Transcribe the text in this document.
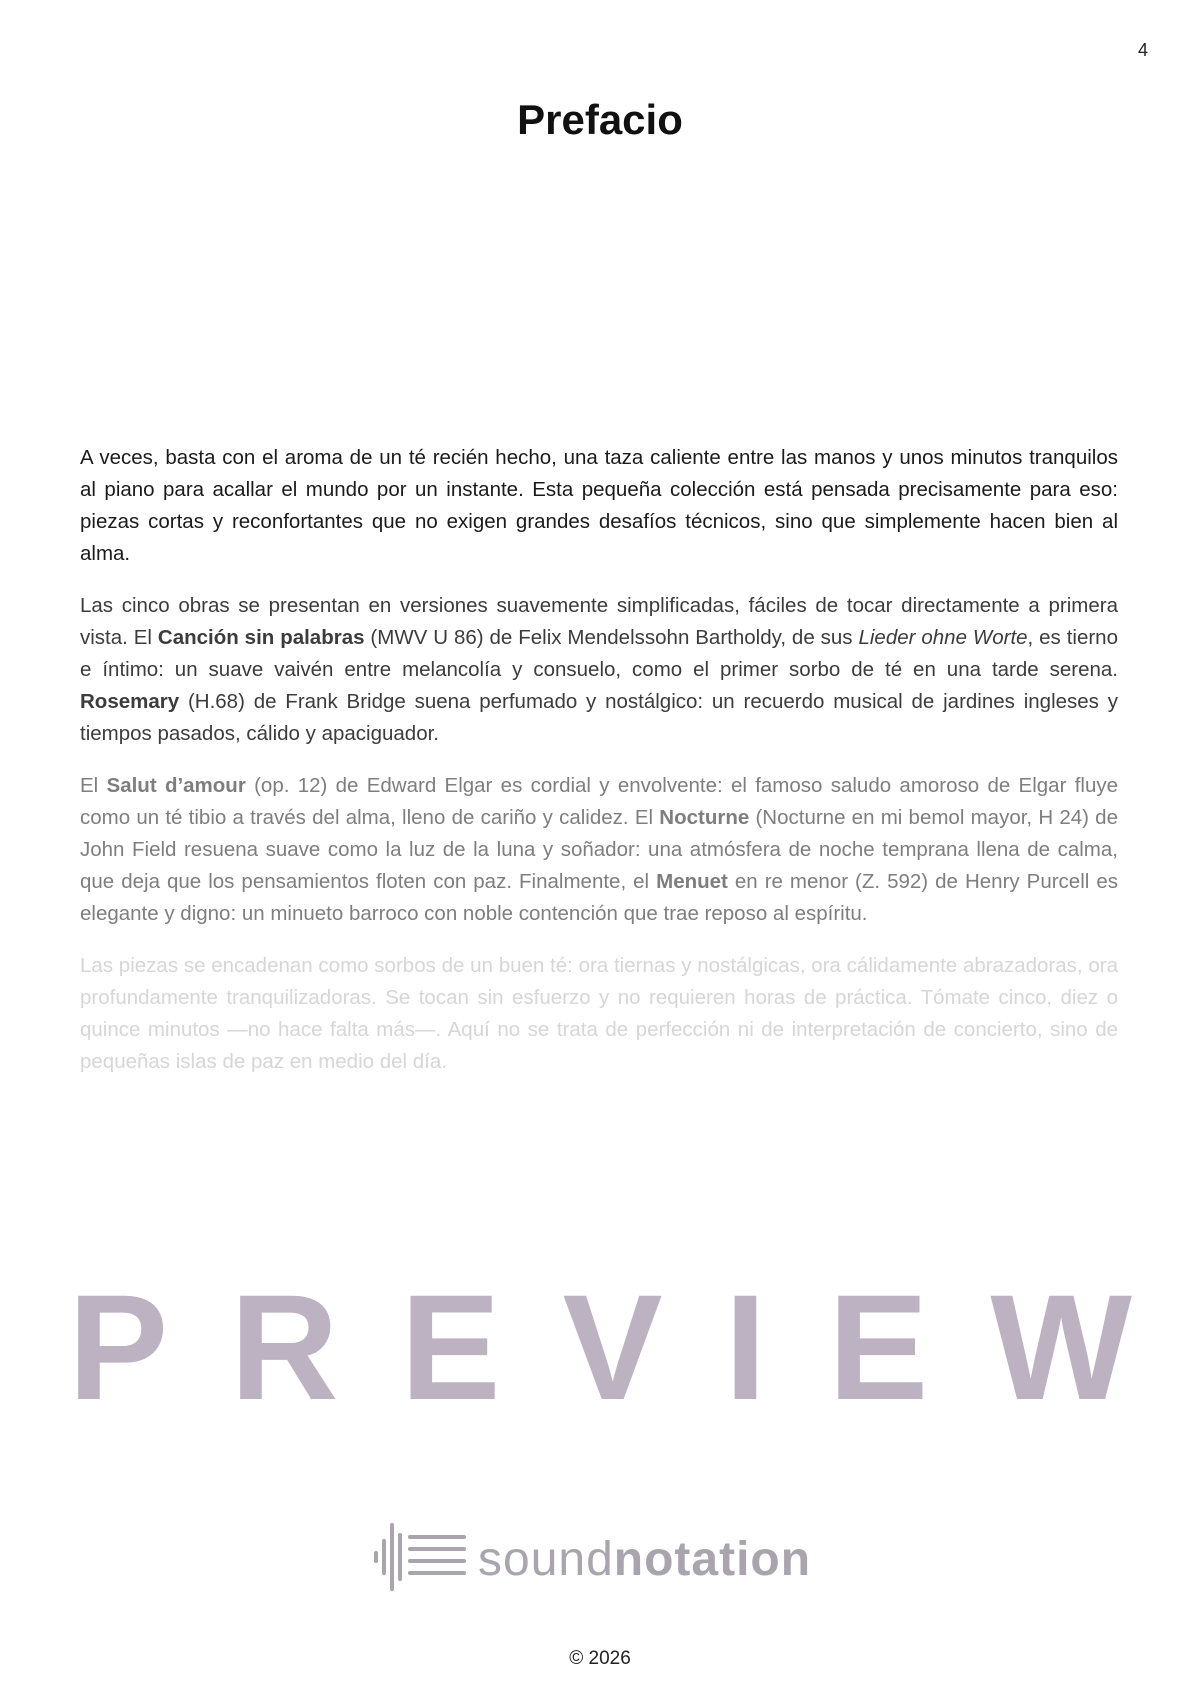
4
Prefacio

A veces, basta con el aroma de un té recién hecho, una taza caliente entre las manos y unos minutos tranquilos al piano para acallar el mundo por un instante. Esta pequeña colección está pensada precisamente para eso: piezas cortas y reconfortantes que no exigen grandes desafíos técnicos, sino que simplemente hacen bien al alma.

Las cinco obras se presentan en versiones suavemente simplificadas, fáciles de tocar directamente a primera vista. El Canción sin palabras (MWV U 86) de Felix Mendelssohn Bartholdy, de sus Lieder ohne Worte, es tierno e íntimo: un suave vaivén entre melancolía y consuelo, como el primer sorbo de té en una tarde serena. Rosemary (H.68) de Frank Bridge suena perfumado y nostálgico: un recuerdo musical de jardines ingleses y tiempos pasados, cálido y apaciguador.

El Salut d’amour (op. 12) de Edward Elgar es cordial y envolvente: el famoso saludo amoroso de Elgar fluye como un té tibio a través del alma, lleno de cariño y calidez. El Nocturne (Nocturne en mi bemol mayor, H 24) de John Field resuena suave como la luz de la luna y soñador: una atmósfera de noche temprana llena de calma, que deja que los pensamientos floten con paz. Finalmente, el Menuet en re menor (Z. 592) de Henry Purcell es elegante y digno: un minueto barroco con noble contención que trae reposo al espíritu.

Las piezas se encadenan como sorbos de un buen té: ora tiernas y nostálgicas, ora cálidamente abrazadoras, ora profundamente tranquilizadoras. Se tocan sin esfuerzo y no requieren horas de práctica. Tómate cinco, diez o quince minutos —no hace falta más—. Aquí no se trata de perfección ni de interpretación de concierto, sino de pequeñas islas de paz en medio del día.

PREVIEW
soundnotation
© 2026
